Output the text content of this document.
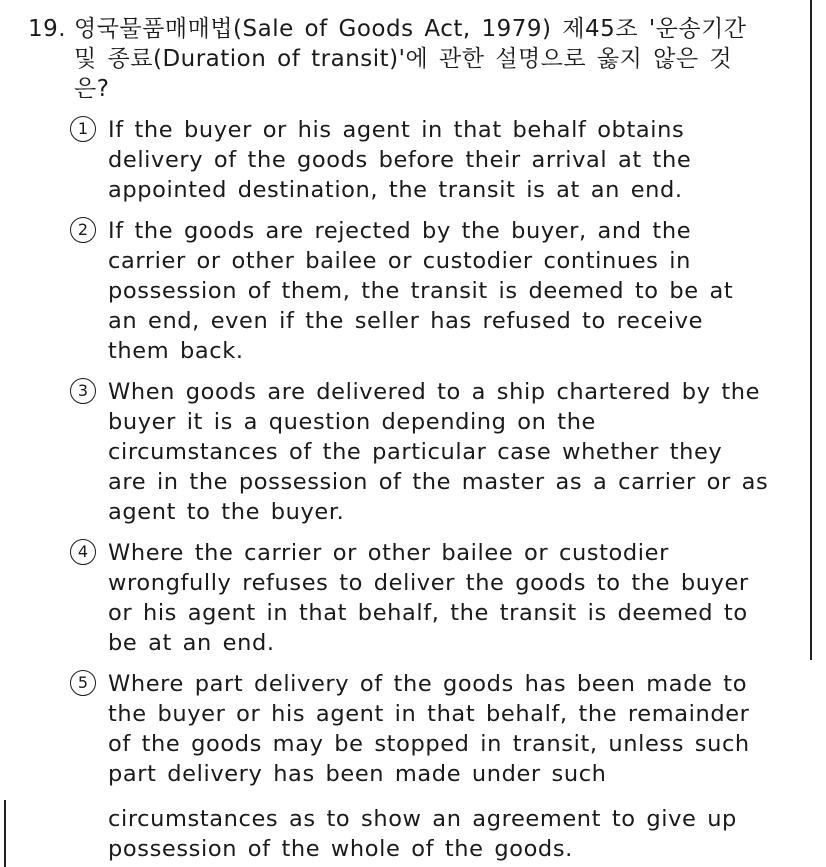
19. 영국물품매매법(Sale of Goods Act, 1979) 제45조 '운송기간 및 종료(Duration of transit)'에 관한 설명으로 옳지 않은 것은?
1 If the buyer or his agent in that behalf obtains delivery of the goods before their arrival at the appointed destination, the transit is at an end.
2 If the goods are rejected by the buyer, and the carrier or other bailee or custodier continues in possession of them, the transit is deemed to be at an end, even if the seller has refused to receive them back.
3 When goods are delivered to a ship chartered by the buyer it is a question depending on the circumstances of the particular case whether they are in the possession of the master as a carrier or as agent to the buyer.
4 Where the carrier or other bailee or custodier wrongfully refuses to deliver the goods to the buyer or his agent in that behalf, the transit is deemed to be at an end.
5 Where part delivery of the goods has been made to the buyer or his agent in that behalf, the remainder of the goods may be stopped in transit, unless such part delivery has been made under such
circumstances as to show an agreement to give up possession of the whole of the goods.
